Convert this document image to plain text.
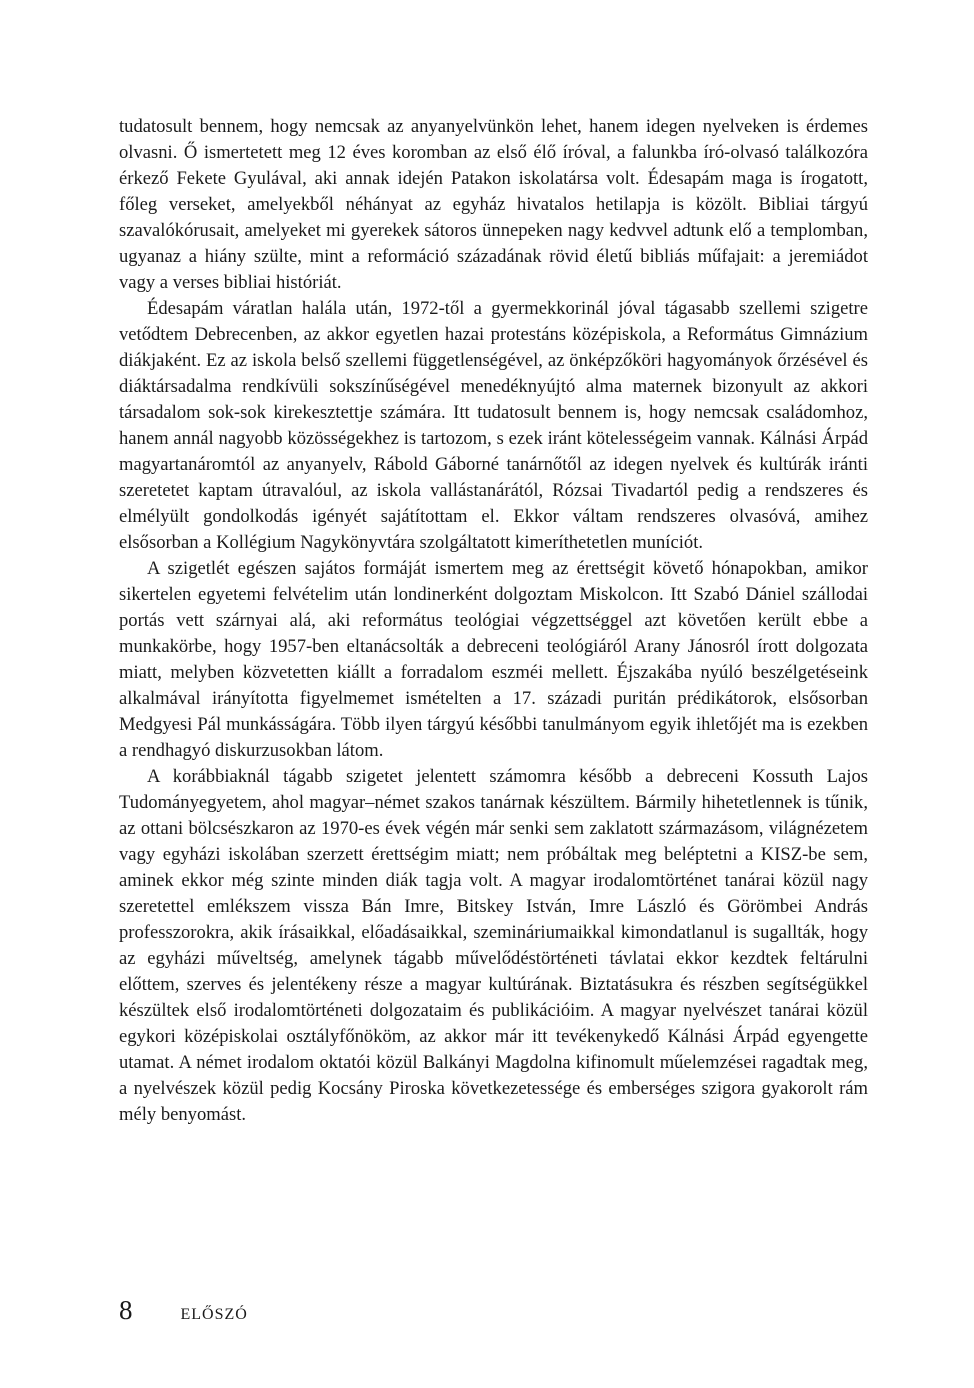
tudatosult bennem, hogy nemcsak az anyanyelvünkön lehet, hanem idegen nyelveken is érdemes olvasni. Ő ismertetett meg 12 éves koromban az első élő íróval, a falunkba író-olvasó találkozóra érkező Fekete Gyulával, aki annak idején Patakon iskolatársa volt. Édesapám maga is írogatott, főleg verseket, amelyekből néhányat az egyház hivatalos hetilapja is közölt. Bibliai tárgyú szavalókórusait, amelyeket mi gyerekek sátoros ünnepeken nagy kedvvel adtunk elő a templomban, ugyanaz a hiány szülte, mint a reformáció századának rövid életű bibliás műfajait: a jeremiádot vagy a verses bibliai históriát.

Édesapám váratlan halála után, 1972-től a gyermekkorinál jóval tágasabb szellemi szigetre vetődtem Debrecenben, az akkor egyetlen hazai protestáns középiskola, a Református Gimnázium diákjaként. Ez az iskola belső szellemi függetlenségével, az önképzőköri hagyományok őrzésével és diáktársadalma rendkívüli sokszínűségével menedéknyújtó alma maternek bizonyult az akkori társadalom sok-sok kirekesztettje számára. Itt tudatosult bennem is, hogy nemcsak családomhoz, hanem annál nagyobb közösségekhez is tartozom, s ezek iránt kötelességeim vannak. Kálnási Árpád magyartanáromtól az anyanyelv, Rábold Gáborné tanárnőtől az idegen nyelvek és kultúrák iránti szeretetet kaptam útravalóul, az iskola vallástanárától, Rózsai Tivadartól pedig a rendszeres és elmélyült gondolkodás igényét sajátítottam el. Ekkor váltam rendszeres olvasóvá, amihez elsősorban a Kollégium Nagykönyvtára szolgáltatott kimeríthetetlen muníciót.

A szigetlét egészen sajátos formáját ismertem meg az érettségit követő hónapokban, amikor sikertelen egyetemi felvételim után londinerként dolgoztam Miskolcon. Itt Szabó Dániel szállodai portás vett szárnyai alá, aki református teológiai végzettséggel azt követően került ebbe a munkakörbe, hogy 1957-ben eltanácsolták a debreceni teológiáról Arany Jánosról írott dolgozata miatt, melyben közvetetten kiállt a forradalom eszméi mellett. Éjszakába nyúló beszélgetéseink alkalmával irányította figyelmemet ismételten a 17. századi puritán prédikátorok, elsősorban Medgyesi Pál munkásságára. Több ilyen tárgyú későbbi tanulmányom egyik ihletőjét ma is ezekben a rendhagyó diskurzusokban látom.

A korábbiaknál tágabb szigetet jelentett számomra később a debreceni Kossuth Lajos Tudományegyetem, ahol magyar–német szakos tanárnak készültem. Bármily hihetetlennek is tűnik, az ottani bölcsészkaron az 1970-es évek végén már senki sem zaklatott származásom, világnézetem vagy egyházi iskolában szerzett érettségim miatt; nem próbáltak meg beléptetni a KISZ-be sem, aminek ekkor még szinte minden diák tagja volt. A magyar irodalomtörténet tanárai közül nagy szeretettel emlékszem vissza Bán Imre, Bitskey István, Imre László és Görömbei András professzorokra, akik írásaikkal, előadásaikkal, szemináriumaikkal kimondatlanul is sugallták, hogy az egyházi műveltség, amelynek tágabb művelődéstörténeti távlatai ekkor kezdtek feltárulni előttem, szerves és jelentékeny része a magyar kultúrának. Biztatásukra és részben segítségükkel készültek első irodalomtörténeti dolgozataim és publikációim. A magyar nyelvészet tanárai közül egykori középiskolai osztályfőnököm, az akkor már itt tevékenykedő Kálnási Árpád egyengette utamat. A német irodalom oktatói közül Balkányi Magdolna kifinomult műelemzései ragadtak meg, a nyelvészek közül pedig Kocsány Piroska következetessége és emberséges szigora gyakorolt rám mély benyomást.

8	ELŐSZÓ
